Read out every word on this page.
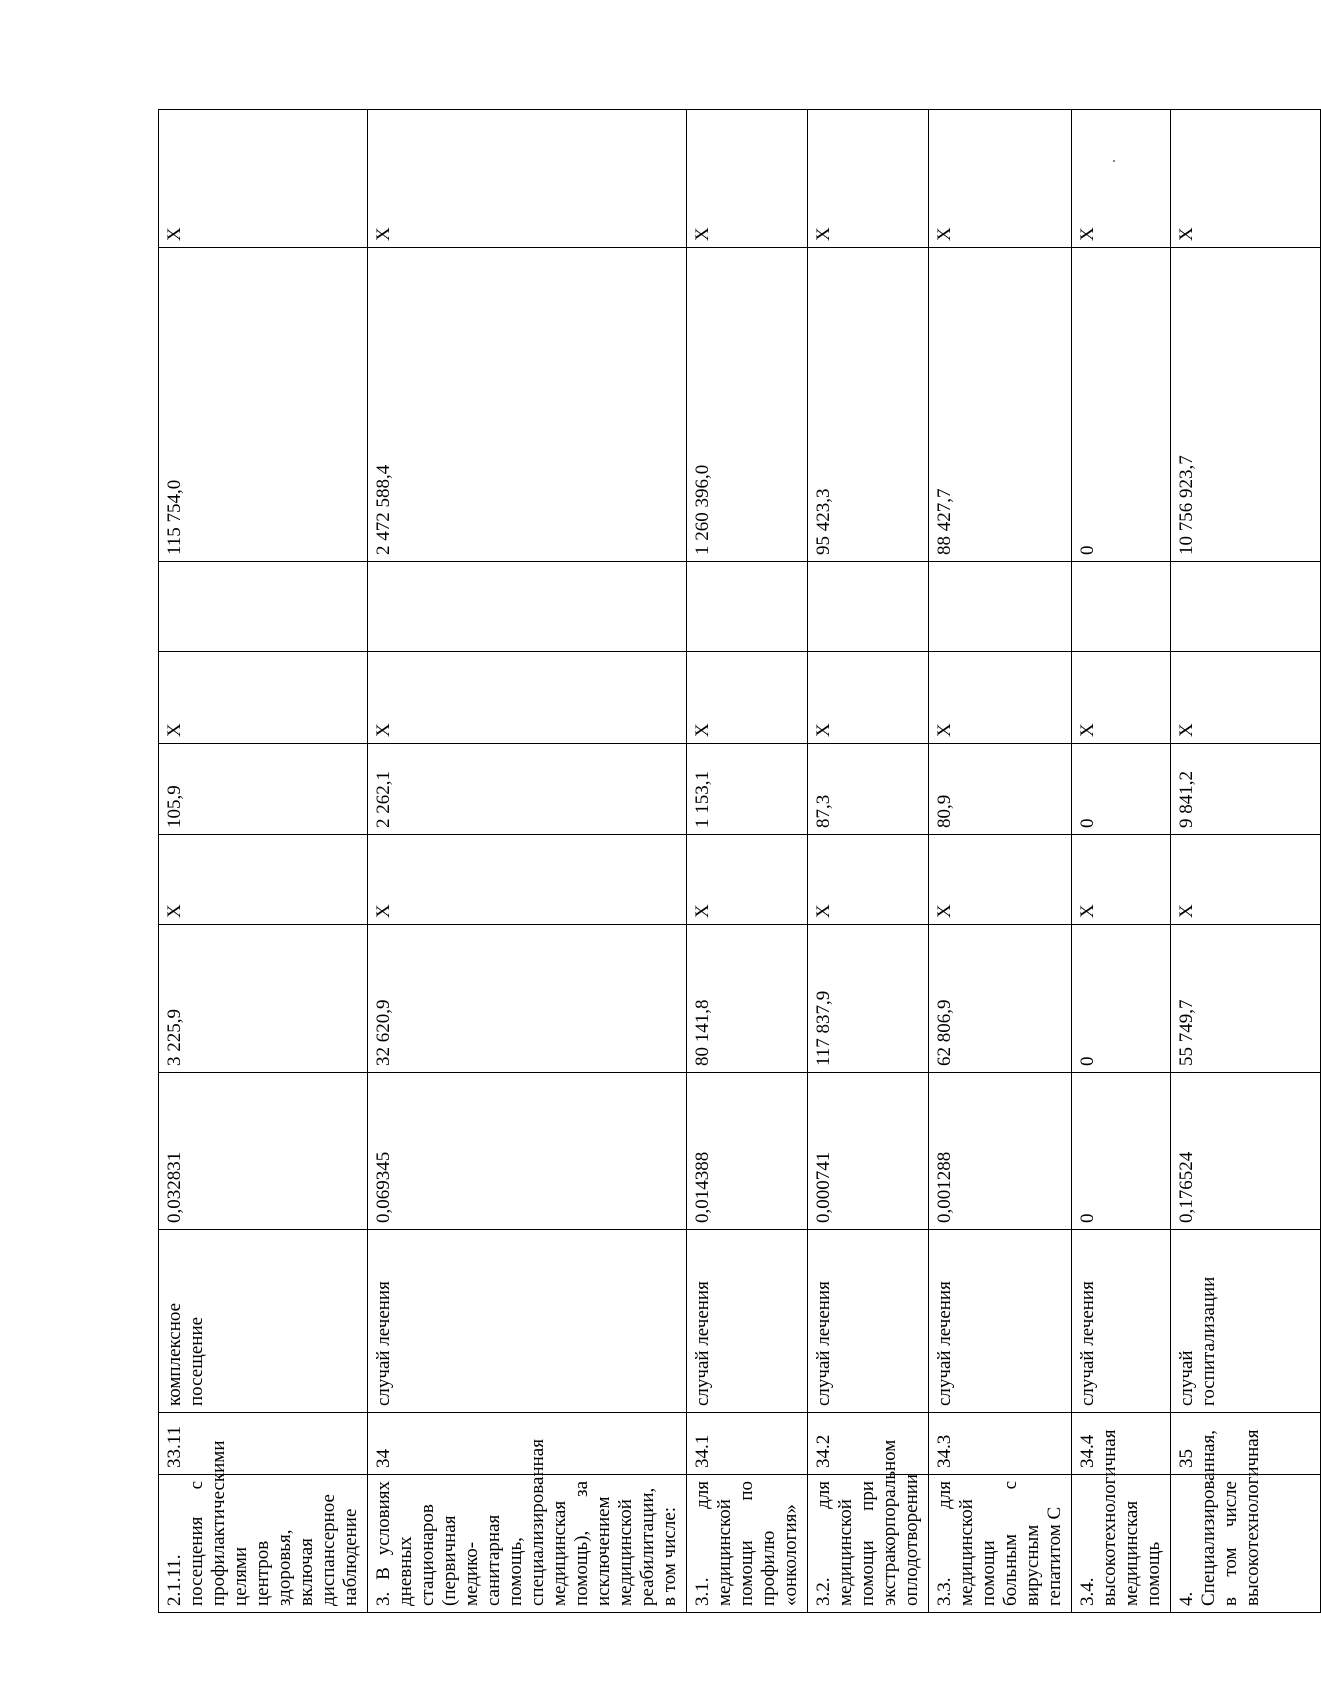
2.1.11. посещения с профилактическими целями центров здоровья, включая диспансерное наблюдение	33.11	комплексное посещение	0,032831	3 225,9	X	105,9	X		115 754,0	X
3. В условиях дневных стационаров (первичная медико-санитарная помощь, специализированная медицинская помощь), за исключением медицинской реабилитации, в том числе:	34	случай лечения	0,069345	32 620,9	X	2 262,1	X		2 472 588,4	X
3.1. для медицинской помощи по профилю «онкология»	34.1	случай лечения	0,014388	80 141,8	X	1 153,1	X		1 260 396,0	X
3.2. для медицинской помощи при экстракорпоральном оплодотворении	34.2	случай лечения	0,000741	117 837,9	X	87,3	X		95 423,3	X
3.3. для медицинской помощи больным с вирусным гепатитом С	34.3	случай лечения	0,001288	62 806,9	X	80,9	X		88 427,7	X
3.4. высокотехнологичная медицинская помощь	34.4	случай лечения	0	0	X	0	X		0	X
4. Специализированная, в том числе высокотехнологичная	35	случай госпитализации	0,176524	55 749,7	X	9 841,2	X		10 756 923,7	X
